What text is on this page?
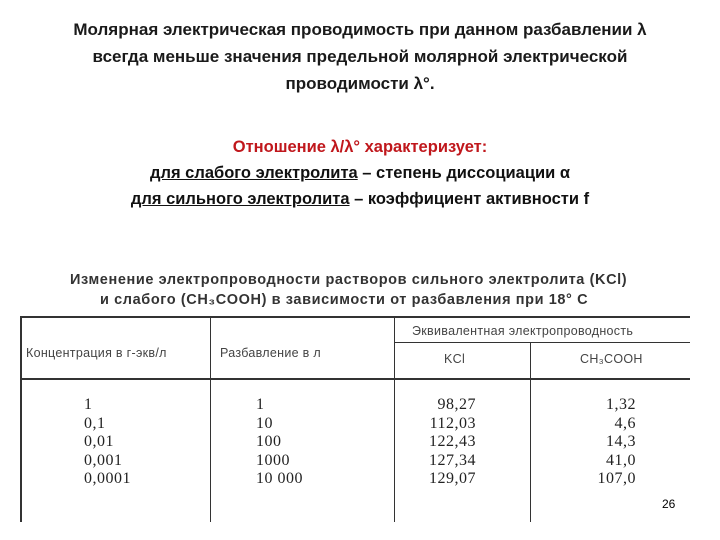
Молярная электрическая проводимость при данном разбавлении λ
всегда меньше значения предельной молярной электрической
проводимости λ°.
Отношение λ/λ° характеризует:
для слабого электролита – степень диссоциации α
для сильного электролита – коэффициент активности f
Изменение электропроводности растворов сильного электролита (KCl)
и слабого (CH₃COOH) в зависимости от разбавления при 18° С
Концентрация в г-экв/л	Разбавление в л
Эквивалентная электропроводность
KCl	CH₃COOH
1
0,1
0,01
0,001
0,0001
1
10
100
1000
10 000
98,27
112,03
122,43
127,34
129,07
1,32
4,6
14,3
41,0
107,0
26
